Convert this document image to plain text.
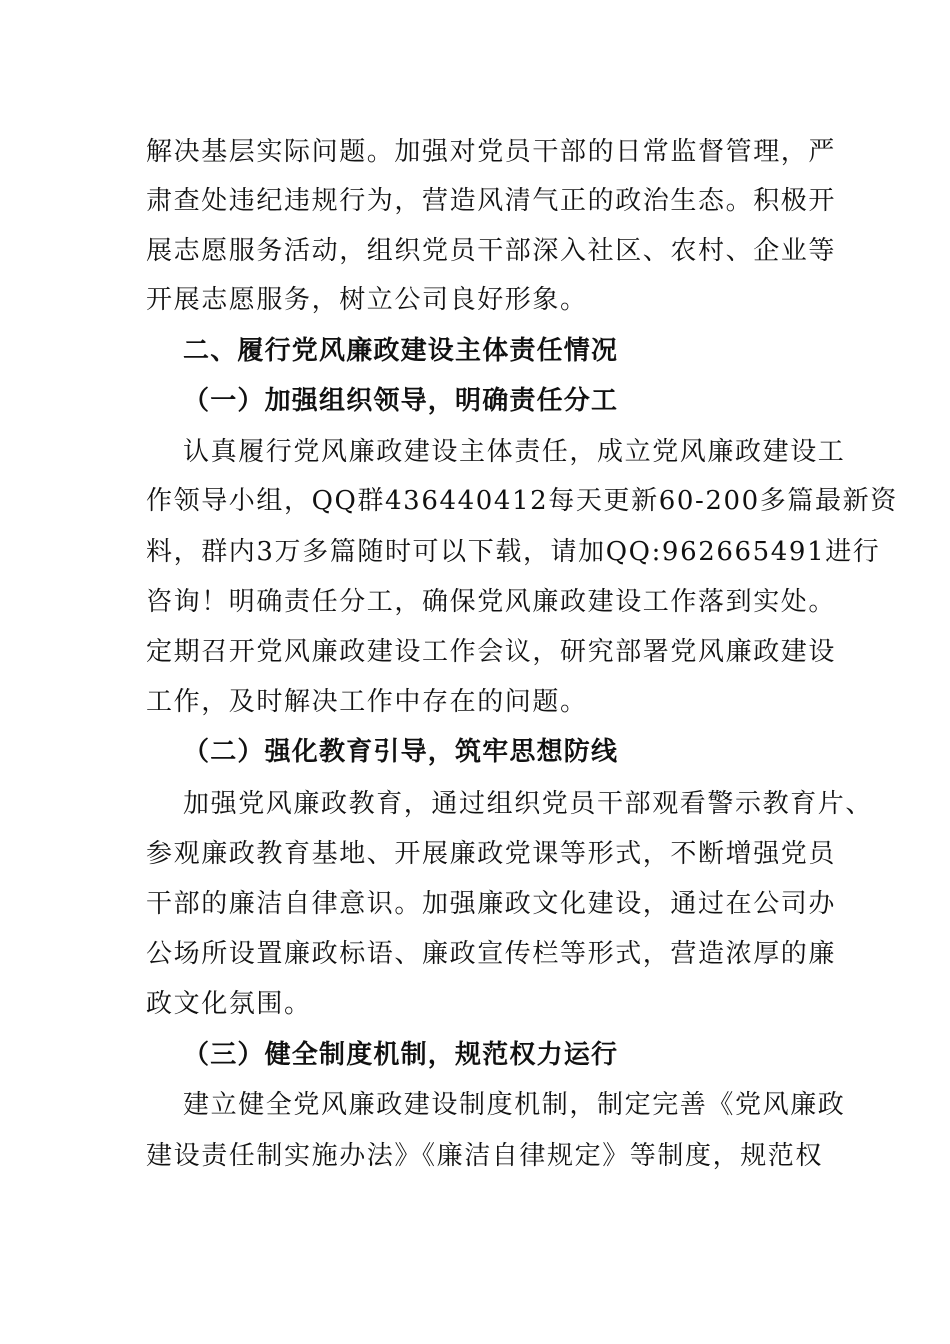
解决基层实际问题。加强对党员干部的日常监督管理，严
肃查处违纪违规行为，营造风清气正的政治生态。积极开
展志愿服务活动，组织党员干部深入社区、农村、企业等
开展志愿服务，树立公司良好形象。
二、履行党风廉政建设主体责任情况
（一）加强组织领导，明确责任分工
认真履行党风廉政建设主体责任，成立党风廉政建设工
作领导小组，QQ群436440412每天更新60-200多篇最新资
料，群内3万多篇随时可以下载，请加QQ:962665491进行
咨询！明确责任分工，确保党风廉政建设工作落到实处。
定期召开党风廉政建设工作会议，研究部署党风廉政建设
工作，及时解决工作中存在的问题。
（二）强化教育引导，筑牢思想防线
加强党风廉政教育，通过组织党员干部观看警示教育片、
参观廉政教育基地、开展廉政党课等形式，不断增强党员
干部的廉洁自律意识。加强廉政文化建设，通过在公司办
公场所设置廉政标语、廉政宣传栏等形式，营造浓厚的廉
政文化氛围。
（三）健全制度机制，规范权力运行
建立健全党风廉政建设制度机制，制定完善《党风廉政
建设责任制实施办法》《廉洁自律规定》等制度，规范权
